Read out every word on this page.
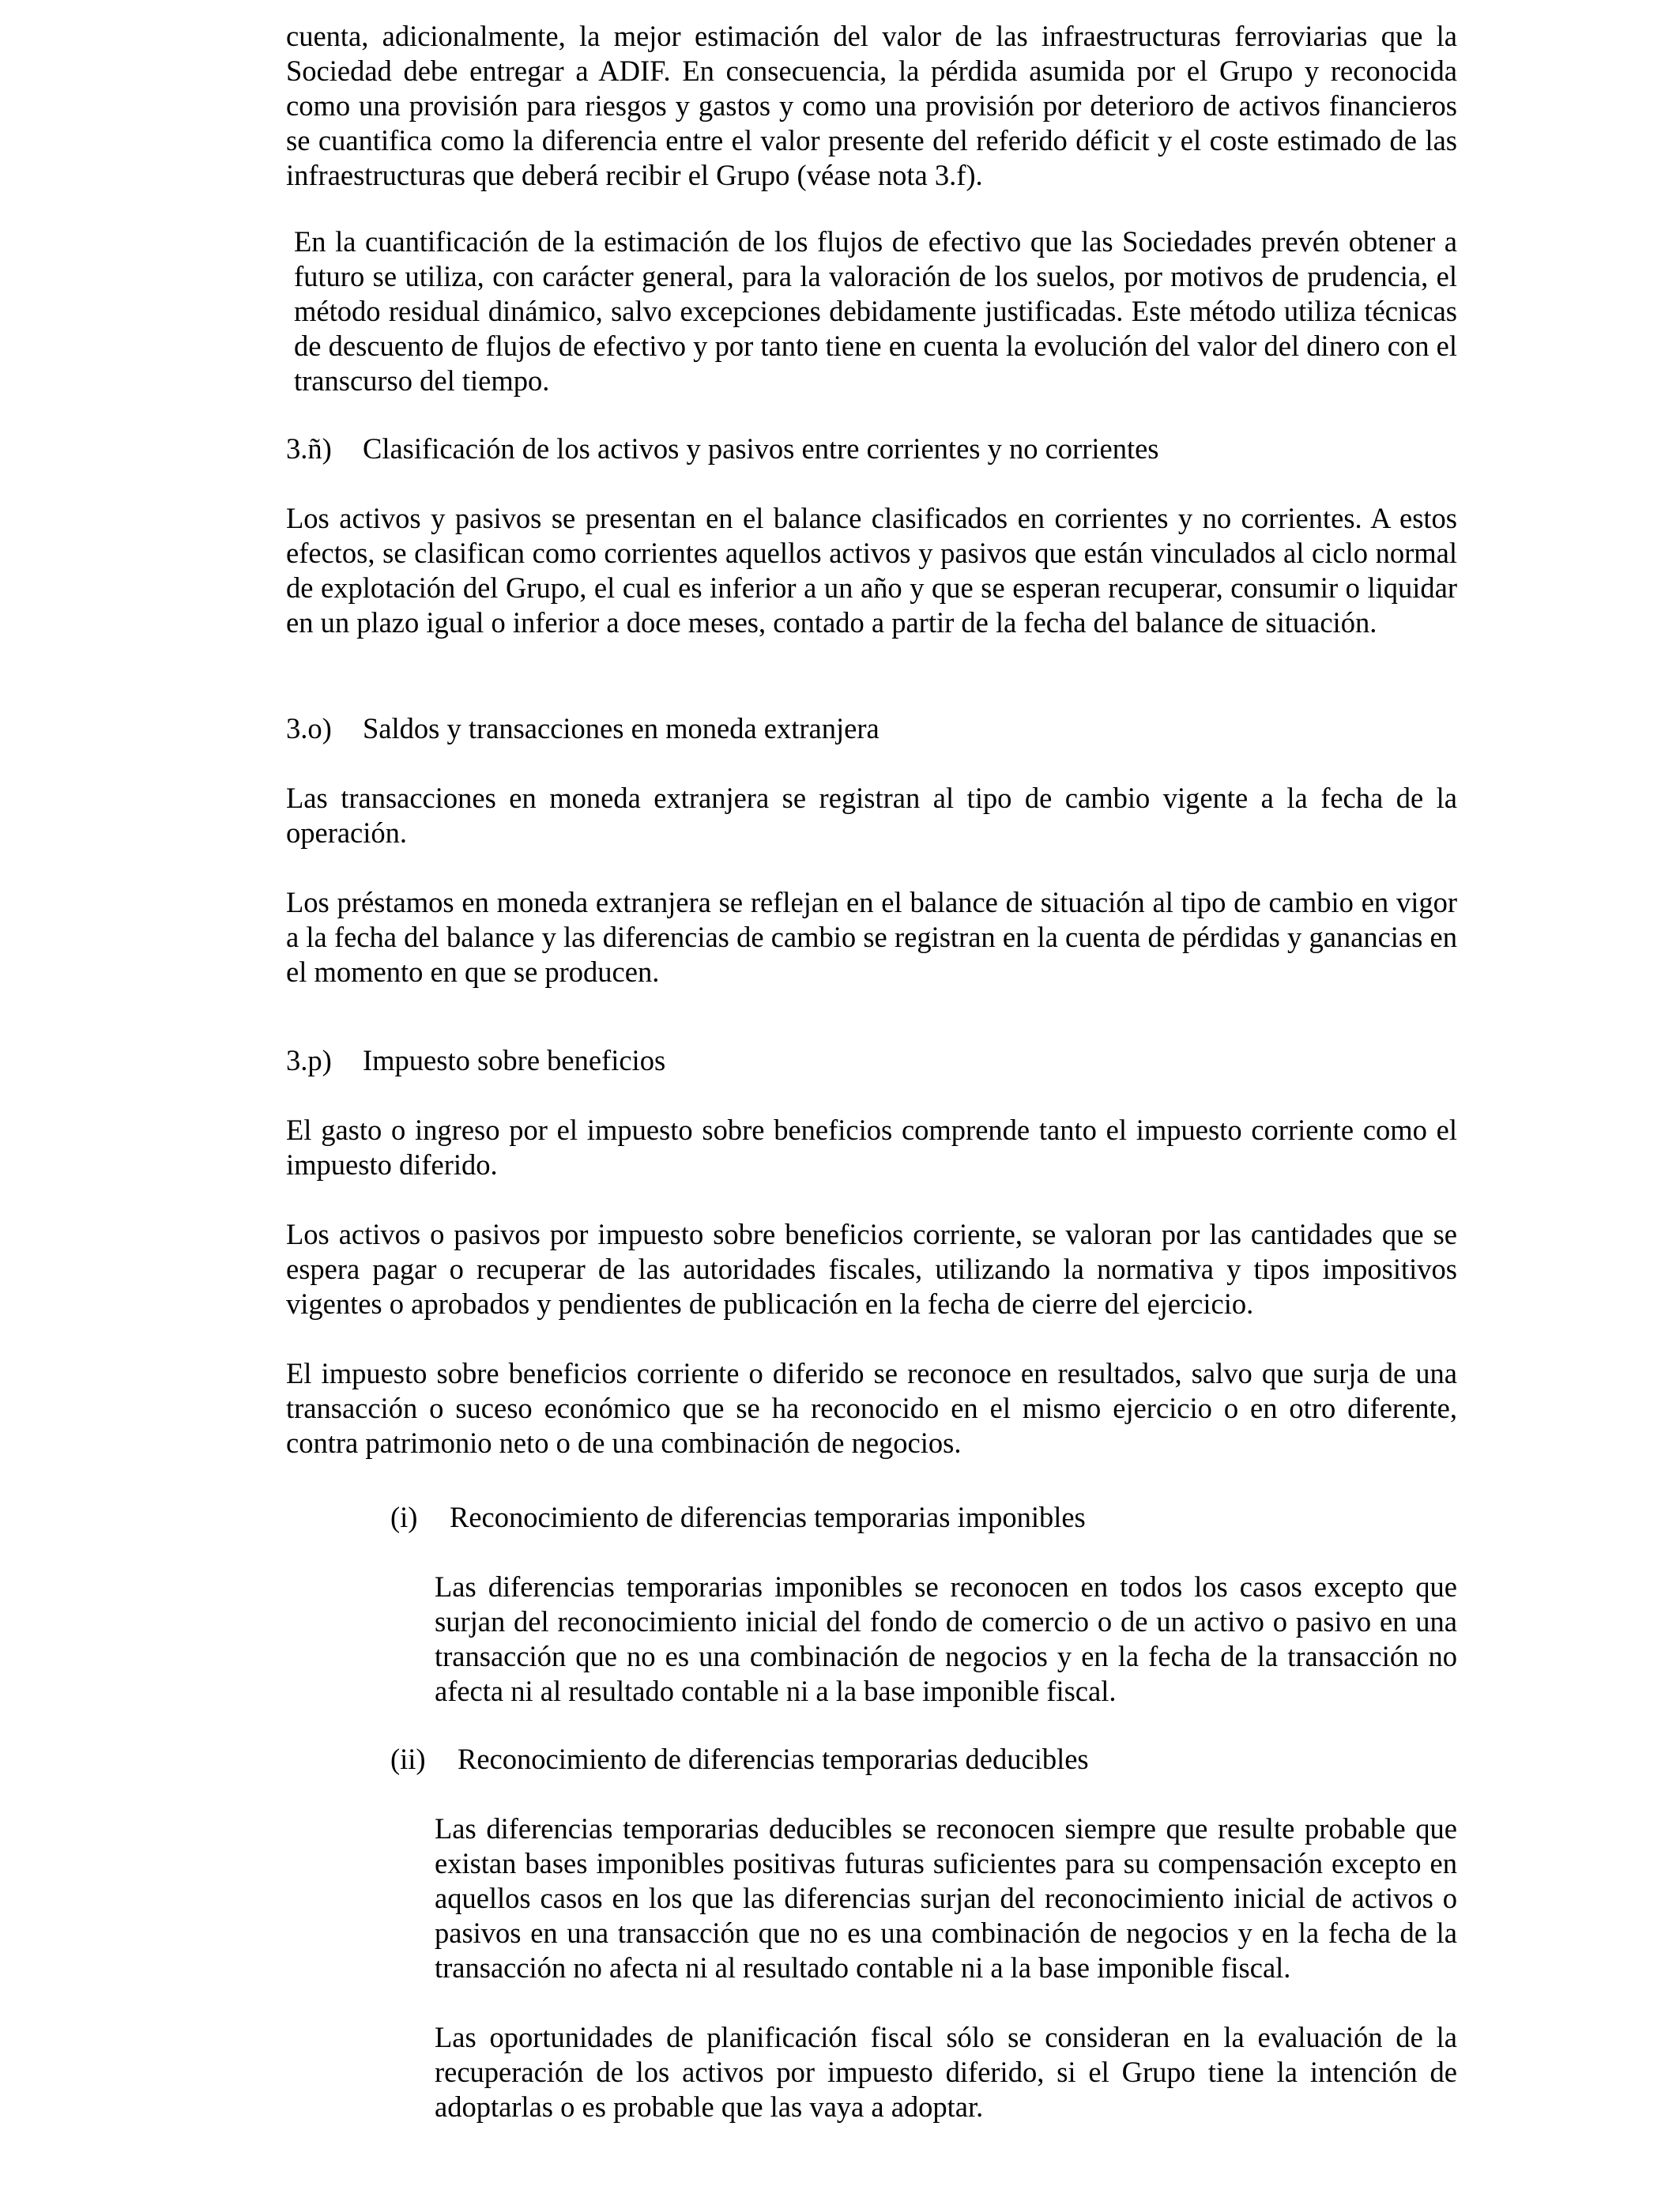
cuenta, adicionalmente, la mejor estimación del valor de las infraestructuras ferroviarias que la Sociedad debe entregar a ADIF. En consecuencia, la pérdida asumida por el Grupo y reconocida como una provisión para riesgos y gastos y como una provisión por deterioro de activos financieros se cuantifica como la diferencia entre el valor presente del referido déficit y el coste estimado de las infraestructuras que deberá recibir el Grupo (véase nota 3.f).

En la cuantificación de la estimación de los flujos de efectivo que las Sociedades prevén obtener a futuro se utiliza, con carácter general, para la valoración de los suelos, por motivos de prudencia, el método residual dinámico, salvo excepciones debidamente justificadas. Este método utiliza técnicas de descuento de flujos de efectivo y por tanto tiene en cuenta la evolución del valor del dinero con el transcurso del tiempo.

3.ñ) Clasificación de los activos y pasivos entre corrientes y no corrientes

Los activos y pasivos se presentan en el balance clasificados en corrientes y no corrientes. A estos efectos, se clasifican como corrientes aquellos activos y pasivos que están vinculados al ciclo normal de explotación del Grupo, el cual es inferior a un año y que se esperan recuperar, consumir o liquidar en un plazo igual o inferior a doce meses, contado a partir de la fecha del balance de situación.

3.o) Saldos y transacciones en moneda extranjera

Las transacciones en moneda extranjera se registran al tipo de cambio vigente a la fecha de la operación.

Los préstamos en moneda extranjera se reflejan en el balance de situación al tipo de cambio en vigor a la fecha del balance y las diferencias de cambio se registran en la cuenta de pérdidas y ganancias en el momento en que se producen.

3.p) Impuesto sobre beneficios

El gasto o ingreso por el impuesto sobre beneficios comprende tanto el impuesto corriente como el impuesto diferido.

Los activos o pasivos por impuesto sobre beneficios corriente, se valoran por las cantidades que se espera pagar o recuperar de las autoridades fiscales, utilizando la normativa y tipos impositivos vigentes o aprobados y pendientes de publicación en la fecha de cierre del ejercicio.

El impuesto sobre beneficios corriente o diferido se reconoce en resultados, salvo que surja de una transacción o suceso económico que se ha reconocido en el mismo ejercicio o en otro diferente, contra patrimonio neto o de una combinación de negocios.

(i) Reconocimiento de diferencias temporarias imponibles

Las diferencias temporarias imponibles se reconocen en todos los casos excepto que surjan del reconocimiento inicial del fondo de comercio o de un activo o pasivo en una transacción que no es una combinación de negocios y en la fecha de la transacción no afecta ni al resultado contable ni a la base imponible fiscal.

(ii) Reconocimiento de diferencias temporarias deducibles

Las diferencias temporarias deducibles se reconocen siempre que resulte probable que existan bases imponibles positivas futuras suficientes para su compensación excepto en aquellos casos en los que las diferencias surjan del reconocimiento inicial de activos o pasivos en una transacción que no es una combinación de negocios y en la fecha de la transacción no afecta ni al resultado contable ni a la base imponible fiscal.

Las oportunidades de planificación fiscal sólo se consideran en la evaluación de la recuperación de los activos por impuesto diferido, si el Grupo tiene la intención de adoptarlas o es probable que las vaya a adoptar.
